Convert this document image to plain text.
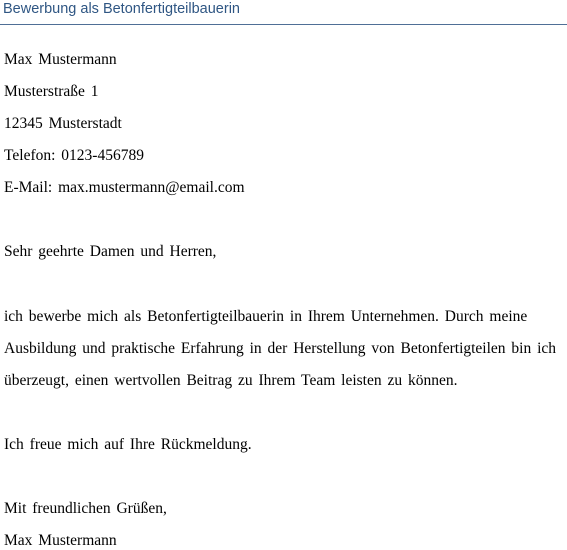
Bewerbung als Betonfertigteilbauerin
Max Mustermann
Musterstraße 1
12345 Musterstadt
Telefon: 0123-456789
E-Mail: max.mustermann@email.com
Sehr geehrte Damen und Herren,
ich bewerbe mich als Betonfertigteilbauerin in Ihrem Unternehmen. Durch meine
Ausbildung und praktische Erfahrung in der Herstellung von Betonfertigteilen bin ich
überzeugt, einen wertvollen Beitrag zu Ihrem Team leisten zu können.
Ich freue mich auf Ihre Rückmeldung.
Mit freundlichen Grüßen,
Max Mustermann
